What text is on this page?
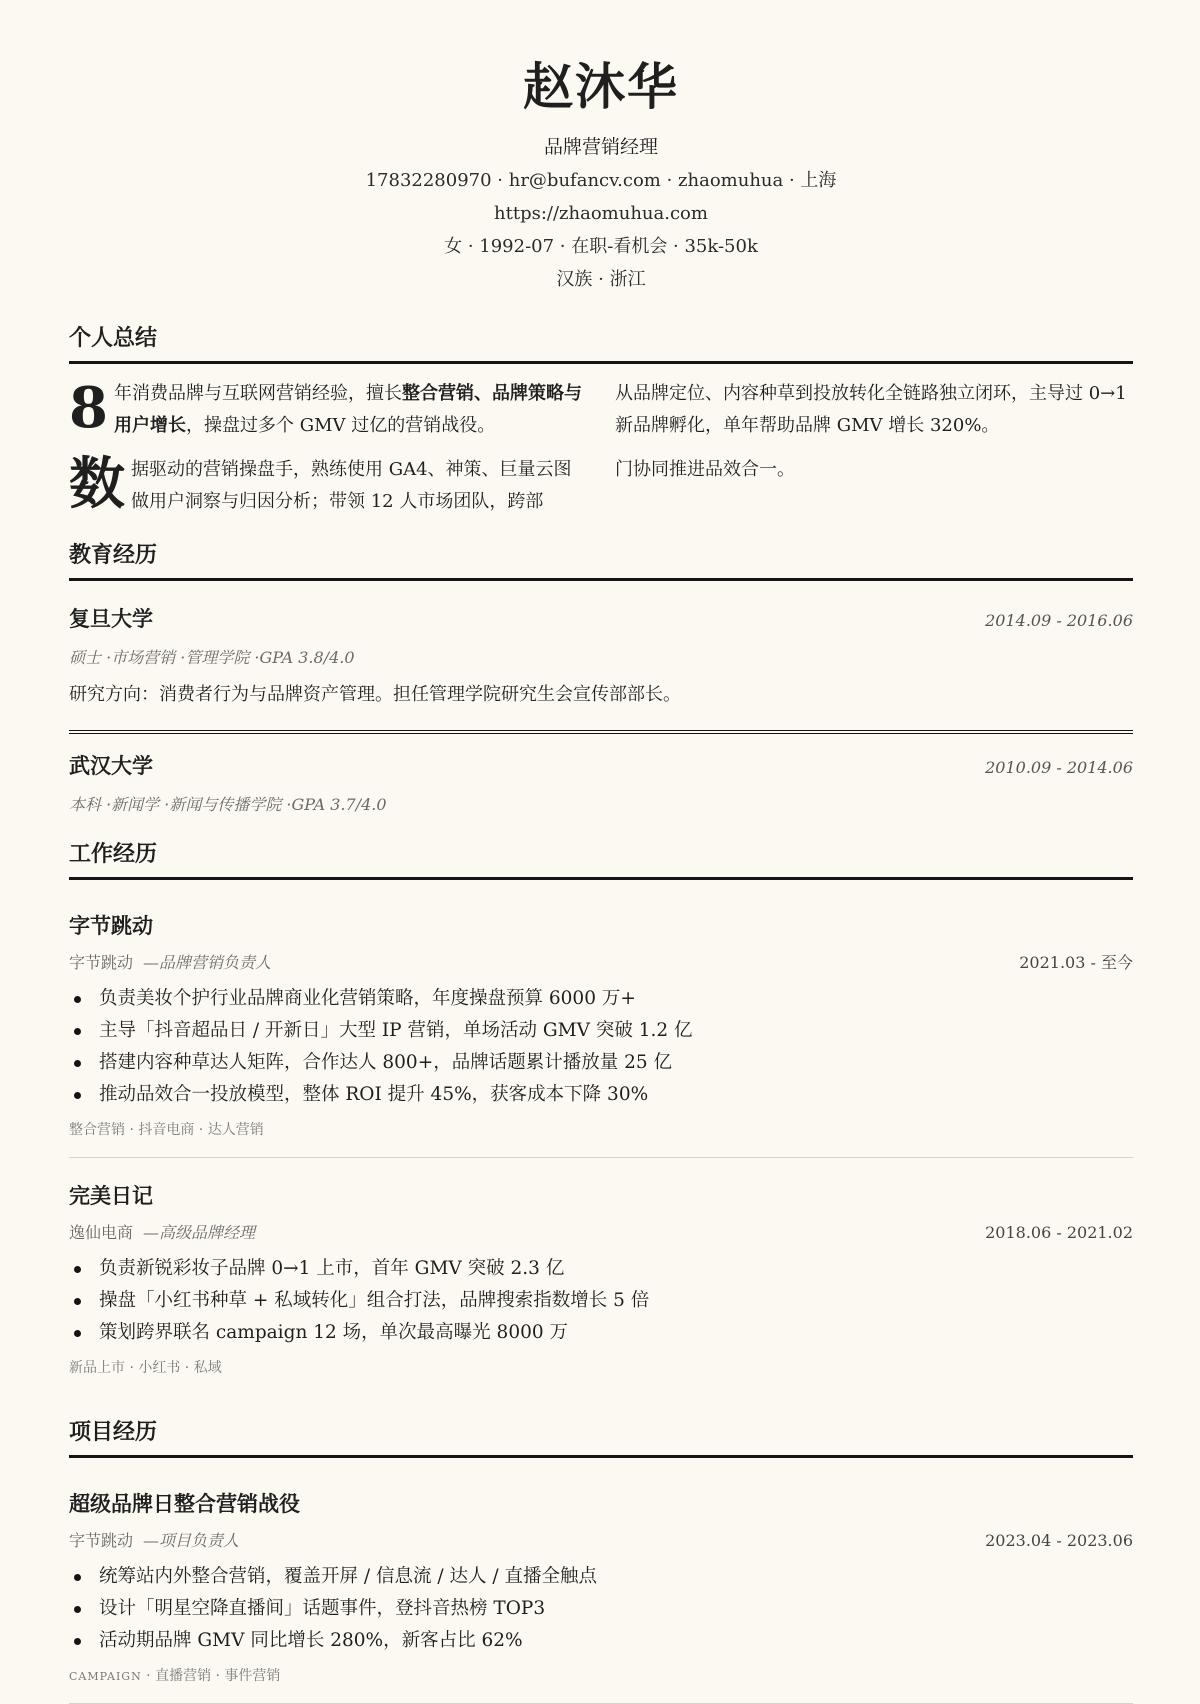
赵沐华
品牌营销经理
17832280970 · hr@bufancv.com · zhaomuhua · 上海
https://zhaomuhua.com
女 · 1992-07 · 在职-看机会 · 35k-50k
汉族 · 浙江
个人总结

8 年消费品牌与互联网营销经验，擅长整合营销、品牌策略与用户增长，操盘过多个 GMV 过亿的营销战役。

数据驱动的营销操盘手，熟练使用 GA4、神策、巨量云图做用户洞察与归因分析；带领 12 人市场团队，跨部

从品牌定位、内容种草到投放转化全链路独立闭环，主导过 0→1 新品牌孵化，单年帮助品牌 GMV 增长 320%。

门协同推进品效合一。

教育经历
复旦大学	2014.09 - 2016.06
硕士 ·市场营销 ·管理学院 ·GPA 3.8/4.0
研究方向：消费者行为与品牌资产管理。担任管理学院研究生会宣传部部长。
武汉大学	2010.09 - 2014.06
本科 ·新闻学 ·新闻与传播学院 ·GPA 3.7/4.0
工作经历
字节跳动
字节跳动 —品牌营销负责人	2021.03 - 至今
负责美妆个护行业品牌商业化营销策略，年度操盘预算 6000 万+
主导「抖音超品日 / 开新日」大型 IP 营销，单场活动 GMV 突破 1.2 亿
搭建内容种草达人矩阵，合作达人 800+，品牌话题累计播放量 25 亿
推动品效合一投放模型，整体 ROI 提升 45%，获客成本下降 30%
整合营销 · 抖音电商 · 达人营销
完美日记
逸仙电商 —高级品牌经理	2018.06 - 2021.02
负责新锐彩妆子品牌 0→1 上市，首年 GMV 突破 2.3 亿
操盘「小红书种草 + 私域转化」组合打法，品牌搜索指数增长 5 倍
策划跨界联名 campaign 12 场，单次最高曝光 8000 万
新品上市 · 小红书 · 私域
项目经历
超级品牌日整合营销战役
字节跳动 —项目负责人	2023.04 - 2023.06
统筹站内外整合营销，覆盖开屏 / 信息流 / 达人 / 直播全触点
设计「明星空降直播间」话题事件，登抖音热榜 TOP3
活动期品牌 GMV 同比增长 280%，新客占比 62%
CAMPAIGN · 直播营销 · 事件营销
